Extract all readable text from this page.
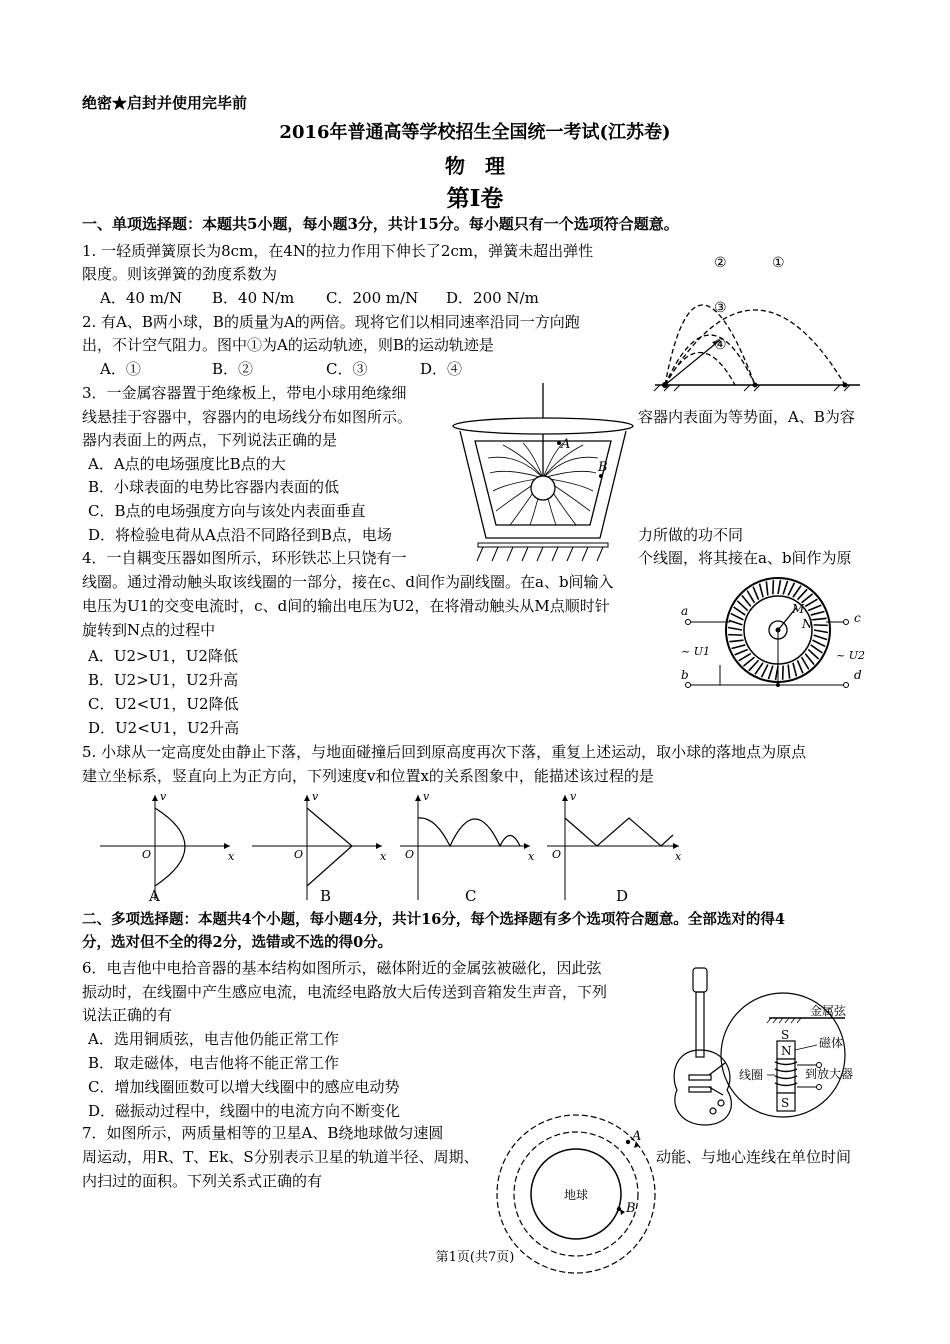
绝密★启封并使用完毕前
2016年普通高等学校招生全国统一考试(江苏卷)
物　理
第Ⅰ卷
一、单项选择题：本题共5小题，每小题3分，共计15分。每小题只有一个选项符合题意。
1. 一轻质弹簧原长为8cm，在4N的拉力作用下伸长了2cm，弹簧未超出弹性
限度。则该弹簧的劲度系数为
A．40 m/N B．40 N/m C．200 m/N D．200 N/m
2. 有A、B两小球，B的质量为A的两倍。现将它们以相同速率沿同一方向跑
出，不计空气阻力。图中①为A的运动轨迹，则B的运动轨迹是
A．①	B．②	C．③	D．④
②	①
③
④
3．一金属容器置于绝缘板上，带电小球用绝缘细
线悬挂于容器中，容器内的电场线分布如图所示。	容器内表面为等势面，A、B为容
器内表面上的两点，下列说法正确的是
A．A点的电场强度比B点的大
B．小球表面的电势比容器内表面的低
C．B点的电场强度方向与该处内表面垂直
D．将检验电荷从A点沿不同路径到B点，电场	力所做的功不同
A
B
4．一自耦变压器如图所示，环形铁芯上只饶有一	个线圈，将其接在a、b间作为原
线圈。通过滑动触头取该线圈的一部分，接在c、d间作为副线圈。在a、b间输入
电压为U1的交变电流时，c、d间的输出电压为U2，在将滑动触头从M点顺时针
旋转到N点的过程中
A．U2>U1，U2降低
B．U2>U1，U2升高
C．U2<U1，U2降低
D．U2<U1，U2升高
a
b
c
d
M
N
~ U1	~ U2
5. 小球从一定高度处由静止下落，与地面碰撞后回到原高度再次下落，重复上述运动，取小球的落地点为原点
建立坐标系，竖直向上为正方向，下列速度v和位置x的关系图象中，能描述该过程的是
v
x
O
A
v
x
O
B
v
x
O
C
v
x
O
D
二、多项选择题：本题共4个小题，每小题4分，共计16分，每个选择题有多个选项符合题意。全部选对的得4
分，选对但不全的得2分，选错或不选的得0分。
6．电吉他中电拾音器的基本结构如图所示，磁体附近的金属弦被磁化，因此弦
振动时，在线圈中产生感应电流，电流经电路放大后传送到音箱发生声音，下列
说法正确的有
A．选用铜质弦，电吉他仍能正常工作
B．取走磁体，电吉他将不能正常工作
C．增加线圈匝数可以增大线圈中的感应电动势
D．磁振动过程中，线圈中的电流方向不断变化
金属弦
磁体
线圈	到放大器
N
S
S
7．如图所示，两质量相等的卫星A、B绕地球做匀速圆
周运动，用R、T、Ek、S分别表示卫星的轨道半径、周期、	动能、与地心连线在单位时间
内扫过的面积。下列关系式正确的有
地球
A
B
第1页(共7页)
